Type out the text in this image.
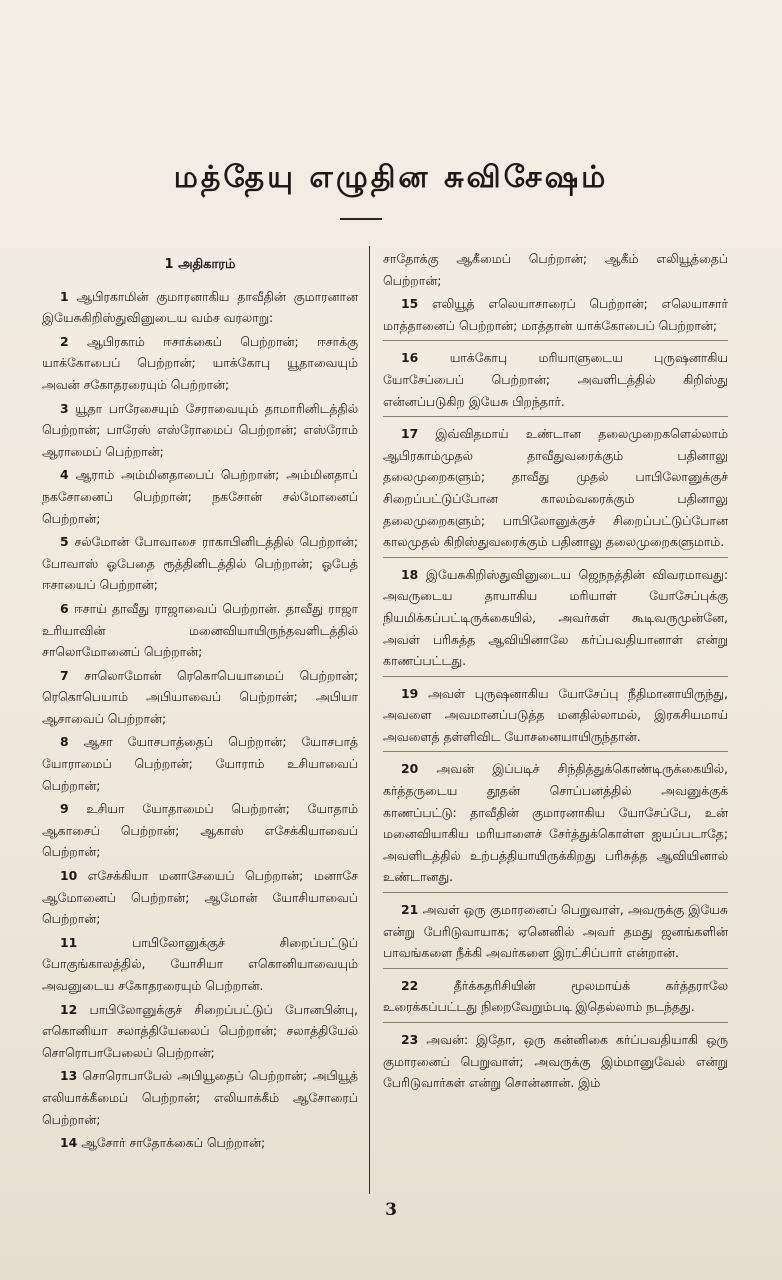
மத்தேயு எழுதின சுவிசேஷம்
1 அதிகாரம்

1 ஆபிரகாமின் குமாரனாகிய தாவீதின் குமாரனான இயேசுகிறிஸ்துவினுடைய வம்ச வரலாறு:

2 ஆபிரகாம் ஈசாக்கைப் பெற்றான்; ஈசாக்கு யாக்கோபைப் பெற்றான்; யாக்கோபு யூதாவையும் அவன் சகோதரரையும் பெற்றான்;

3 யூதா பாரேசையும் சேராவையும் தாமாரினிடத்தில் பெற்றான்; பாரேஸ் எஸ்ரோமைப் பெற்றான்; எஸ்ரோம் ஆராமைப் பெற்றான்;

4 ஆராம் அம்மினதாபைப் பெற்றான்; அம்மினதாப் நகசோனைப் பெற்றான்; நகசோன் சல்மோனைப் பெற்றான்;

5 சல்மோன் போவாசை ராகாபினிடத்தில் பெற்றான்; போவாஸ் ஓபேதை ரூத்தினிடத்தில் பெற்றான்; ஓபேத் ஈசாயைப் பெற்றான்;

6 ஈசாய் தாவீது ராஜாவைப் பெற்றான். தாவீது ராஜா உரியாவின் மனைவியாயிருந்தவளிடத்தில் சாலொமோனைப் பெற்றான்;

7 சாலொமோன் ரெகொபெயாமைப் பெற்றான்; ரெகொபெயாம் அபியாவைப் பெற்றான்; அபியா ஆசாவைப் பெற்றான்;

8 ஆசா யோசபாத்தைப் பெற்றான்; யோசபாத் யோராமைப் பெற்றான்; யோராம் உசியாவைப் பெற்றான்;

9 உசியா யோதாமைப் பெற்றான்; யோதாம் ஆகாசைப் பெற்றான்; ஆகாஸ் எசேக்கியாவைப் பெற்றான்;

10 எசேக்கியா மனாசேயைப் பெற்றான்; மனாசே ஆமோனைப் பெற்றான்; ஆமோன் யோசியாவைப் பெற்றான்;

11	பாபிலோனுக்குச் சிறைப்பட்டுப் போகுங்காலத்தில், யோசியா எகொனியாவையும் அவனுடைய சகோதரரையும் பெற்றான்.

12 பாபிலோனுக்குச் சிறைப்பட்டுப் போனபின்பு, எகொனியா சலாத்தியேலைப் பெற்றான்; சலாத்தியேல் சொரொபாபேலைப் பெற்றான்;

13 சொரொபாபேல் அபியூதைப் பெற்றான்; அபியூத் எலியாக்கீமைப் பெற்றான்; எலியாக்கீம் ஆசோரைப் பெற்றான்;

14 ஆசோர் சாதோக்கைப் பெற்றான்;

சாதோக்கு ஆகீமைப் பெற்றான்; ஆகீம் எலியூத்தைப் பெற்றான்;

15 எலியூத் எலெயாசாரைப் பெற்றான்; எலெயாசார் மாத்தானைப் பெற்றான்; மாத்தான் யாக்கோபைப் பெற்றான்;

16	யாக்கோபு மரியாளுடைய புருஷனாகிய யோசேப்பைப் பெற்றான்; அவளிடத்தில் கிறிஸ்து என்னப்படுகிற இயேசு பிறந்தார்.

17 இவ்விதமாய் உண்டான தலைமுறைகளெல்லாம் ஆபிரகாம்முதல் தாவீதுவரைக்கும் பதினாலு தலைமுறைகளும்; தாவீது முதல் பாபிலோனுக்குச் சிறைப்பட்டுப்போன காலம்வரைக்கும் பதினாலு தலைமுறைகளும்; பாபிலோனுக்குச் சிறைப்பட்டுப்போன காலமுதல் கிறிஸ்துவரைக்கும் பதினாலு தலைமுறைகளுமாம்.

18 இயேசுகிறிஸ்துவினுடைய ஜெநநத்தின் விவரமாவது: அவருடைய தாயாகிய மரியாள் யோசேப்புக்கு நியமிக்கப்பட்டிருக்கையில், அவர்கள் கூடிவருமுன்னே, அவள் பரிசுத்த ஆவியினாலே கர்ப்பவதியானாள் என்று காணப்பட்டது.

19 அவள் புருஷனாகிய யோசேப்பு நீதிமானாயிருந்து, அவளை அவமானப்படுத்த மனதில்லாமல், இரகசியமாய் அவளைத் தள்ளிவிட யோசனையாயிருந்தான்.

20 அவன் இப்படிச் சிந்தித்துக்கொண்டிருக்கையில், கர்த்தருடைய தூதன் சொப்பனத்தில் அவனுக்குக் காணப்பட்டு: தாவீதின் குமாரனாகிய யோசேப்பே, உன் மனைவியாகிய மரியாளைச் சேர்த்துக்கொள்ள ஐயப்படாதே; அவளிடத்தில் உற்பத்தியாயிருக்கிறது பரிசுத்த ஆவியினால் உண்டானது.

21 அவள் ஒரு குமாரனைப் பெறுவாள், அவருக்கு இயேசு என்று பேரிடுவாயாக; ஏனெனில் அவர் தமது ஜனங்களின் பாவங்களை நீக்கி அவர்களை இரட்சிப்பார் என்றான்.

22	தீர்க்கதரிசியின் மூலமாய்க் கர்த்தராலே உரைக்கப்பட்டது நிறைவேறும்படி இதெல்லாம் நடந்தது.

23 அவன்: இதோ, ஒரு கன்னிகை கர்ப்பவதியாகி ஒரு குமாரனைப் பெறுவாள்; அவருக்கு இம்மானுவேல் என்று பேரிடுவார்கள் என்று சொன்னான். இம்

3
